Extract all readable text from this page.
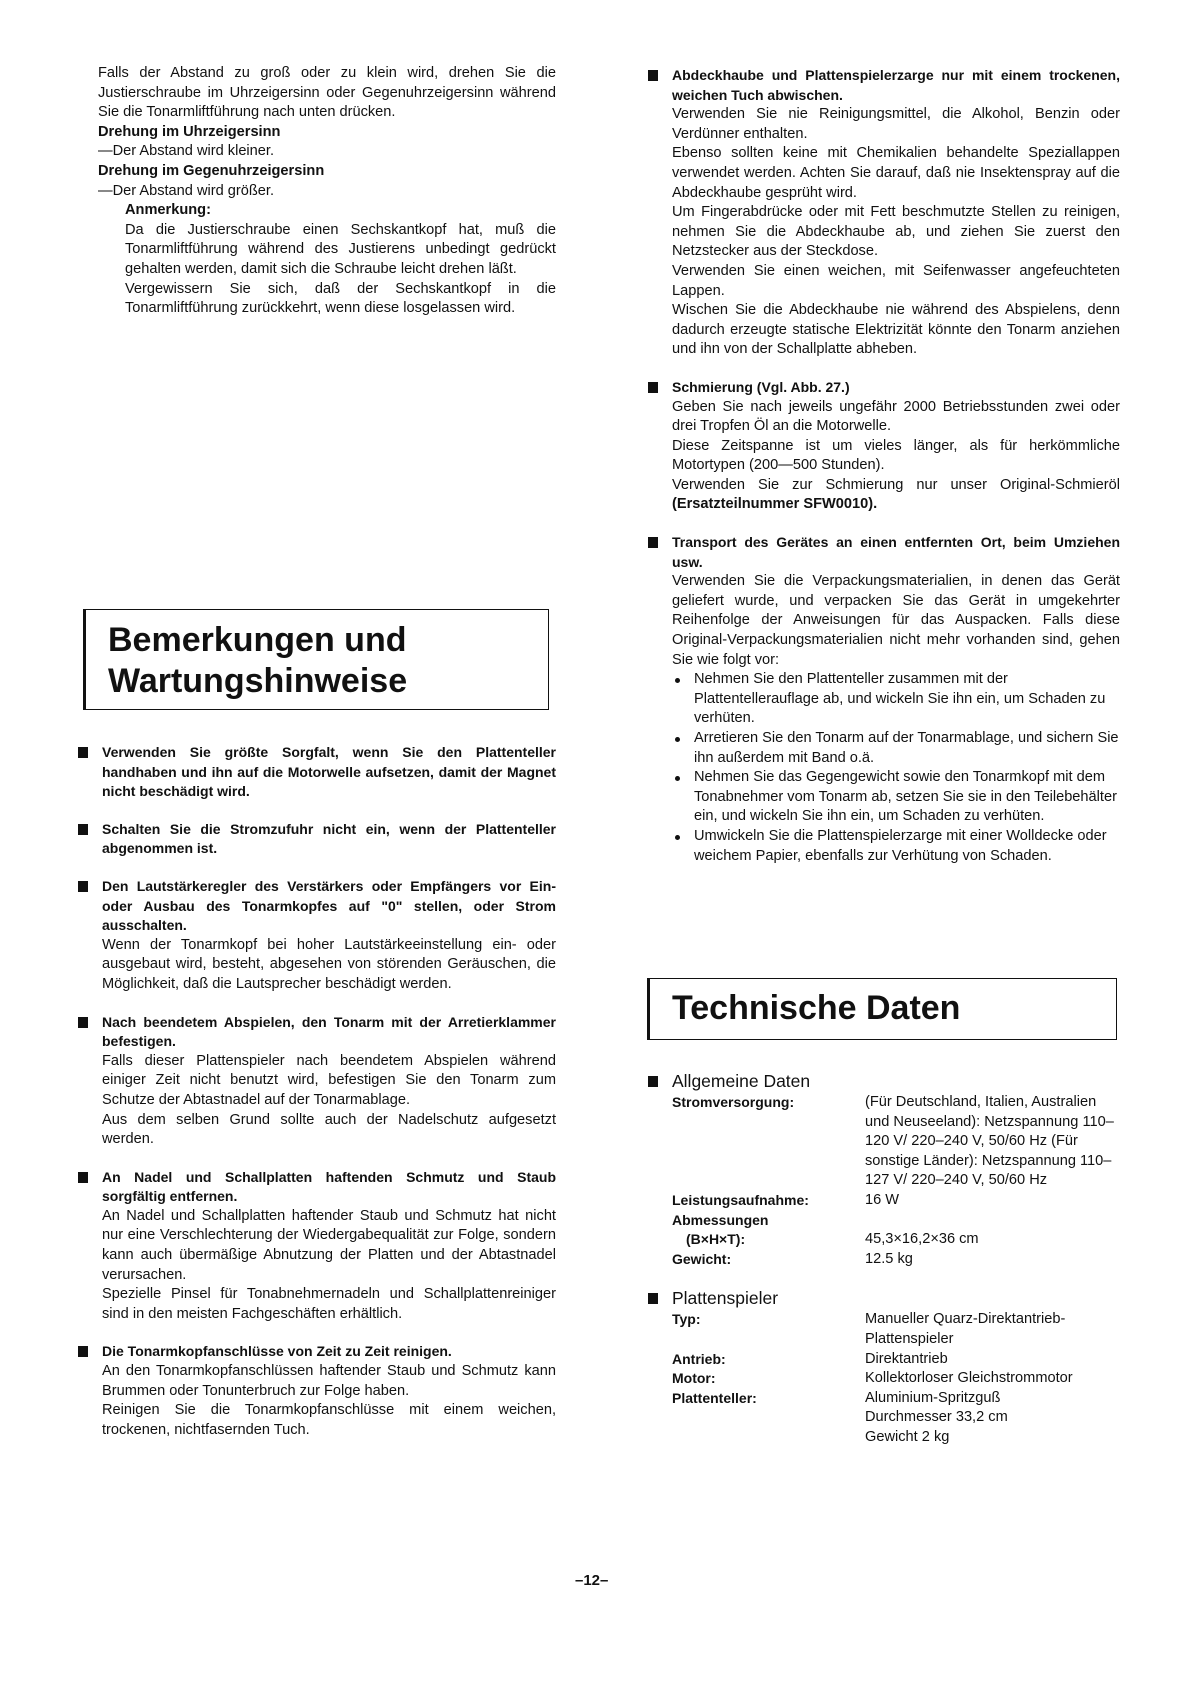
Falls der Abstand zu groß oder zu klein wird, drehen Sie die Justierschraube im Uhrzeigersinn oder Gegenuhrzeigersinn während Sie die Tonarmliftführung nach unten drücken.

Drehung im Uhrzeigersinn

—Der Abstand wird kleiner.

Drehung im Gegenuhrzeigersinn

—Der Abstand wird größer.

Anmerkung:

Da die Justierschraube einen Sechskantkopf hat, muß die Tonarmliftführung während des Justierens unbedingt gedrückt gehalten werden, damit sich die Schraube leicht drehen läßt.

Vergewissern Sie sich, daß der Sechskantkopf in die Tonarmliftführung zurückkehrt, wenn diese losgelassen wird.

Bemerkungen und
Wartungshinweise

Verwenden Sie größte Sorgfalt, wenn Sie den Plattenteller handhaben und ihn auf die Motorwelle aufsetzen, damit der Magnet nicht beschädigt wird.

Schalten Sie die Stromzufuhr nicht ein, wenn der Plattenteller abgenommen ist.

Den Lautstärkeregler des Verstärkers oder Empfängers vor Ein- oder Ausbau des Tonarmkopfes auf "0" stellen, oder Strom ausschalten.

Wenn der Tonarmkopf bei hoher Lautstärkeeinstellung ein- oder ausgebaut wird, besteht, abgesehen von störenden Geräuschen, die Möglichkeit, daß die Lautsprecher beschädigt werden.

Nach beendetem Abspielen, den Tonarm mit der Arretierklammer befestigen.

Falls dieser Plattenspieler nach beendetem Abspielen während einiger Zeit nicht benutzt wird, befestigen Sie den Tonarm zum Schutze der Abtastnadel auf der Tonarmablage.

Aus dem selben Grund sollte auch der Nadelschutz aufgesetzt werden.

An Nadel und Schallplatten haftenden Schmutz und Staub sorgfältig entfernen.

An Nadel und Schallplatten haftender Staub und Schmutz hat nicht nur eine Verschlechterung der Wiedergabequalität zur Folge, sondern kann auch übermäßige Abnutzung der Platten und der Abtastnadel verursachen.

Spezielle Pinsel für Tonabnehmernadeln und Schallplattenreiniger sind in den meisten Fachgeschäften erhältlich.

Die Tonarmkopfanschlüsse von Zeit zu Zeit reinigen.

An den Tonarmkopfanschlüssen haftender Staub und Schmutz kann Brummen oder Tonunterbruch zur Folge haben.

Reinigen Sie die Tonarmkopfanschlüsse mit einem weichen, trockenen, nichtfasernden Tuch.

Abdeckhaube und Plattenspielerzarge nur mit einem trockenen, weichen Tuch abwischen.

Verwenden Sie nie Reinigungsmittel, die Alkohol, Benzin oder Verdünner enthalten.

Ebenso sollten keine mit Chemikalien behandelte Speziallappen verwendet werden. Achten Sie darauf, daß nie Insektenspray auf die Abdeckhaube gesprüht wird.

Um Fingerabdrücke oder mit Fett beschmutzte Stellen zu reinigen, nehmen Sie die Abdeckhaube ab, und ziehen Sie zuerst den Netzstecker aus der Steckdose.

Verwenden Sie einen weichen, mit Seifenwasser angefeuchteten Lappen.

Wischen Sie die Abdeckhaube nie während des Abspielens, denn dadurch erzeugte statische Elektrizität könnte den Tonarm anziehen und ihn von der Schallplatte abheben.

Schmierung (Vgl. Abb. 27.)

Geben Sie nach jeweils ungefähr 2000 Betriebsstunden zwei oder drei Tropfen Öl an die Motorwelle.

Diese Zeitspanne ist um vieles länger, als für herkömmliche Motortypen (200—500 Stunden).

Verwenden Sie zur Schmierung nur unser Original-Schmieröl (Ersatzteilnummer SFW0010).

Transport des Gerätes an einen entfernten Ort, beim Umziehen usw.

Verwenden Sie die Verpackungsmaterialien, in denen das Gerät geliefert wurde, und verpacken Sie das Gerät in umgekehrter Reihenfolge der Anweisungen für das Auspacken. Falls diese Original-Verpackungsmaterialien nicht mehr vorhanden sind, gehen Sie wie folgt vor:

Nehmen Sie den Plattenteller zusammen mit der Plattentellerauflage ab, und wickeln Sie ihn ein, um Schaden zu verhüten.
Arretieren Sie den Tonarm auf der Tonarmablage, und sichern Sie ihn außerdem mit Band o.ä.
Nehmen Sie das Gegengewicht sowie den Tonarmkopf mit dem Tonabnehmer vom Tonarm ab, setzen Sie sie in den Teilebehälter ein, und wickeln Sie ihn ein, um Schaden zu verhüten.
Umwickeln Sie die Plattenspielerzarge mit einer Wolldecke oder weichem Papier, ebenfalls zur Verhütung von Schaden.
Technische Daten
Allgemeine Daten
Stromversorgung:	(Für Deutschland, Italien, Australien und Neuseeland): Netzspannung 110–120 V/ 220–240 V, 50/60 Hz (Für sonstige Länder): Netzspannung 110–127 V/ 220–240 V, 50/60 Hz
Leistungsaufnahme:	16 W
Abmessungen
(B×H×T):	45,3×16,2×36 cm
Gewicht:	12.5 kg
Plattenspieler
Typ:	Manueller Quarz-Direktantrieb-Plattenspieler
Antrieb:	Direktantrieb
Motor:	Kollektorloser Gleichstrommotor
Plattenteller:	Aluminium-Spritzguß
Durchmesser 33,2 cm
Gewicht 2 kg
–12–
